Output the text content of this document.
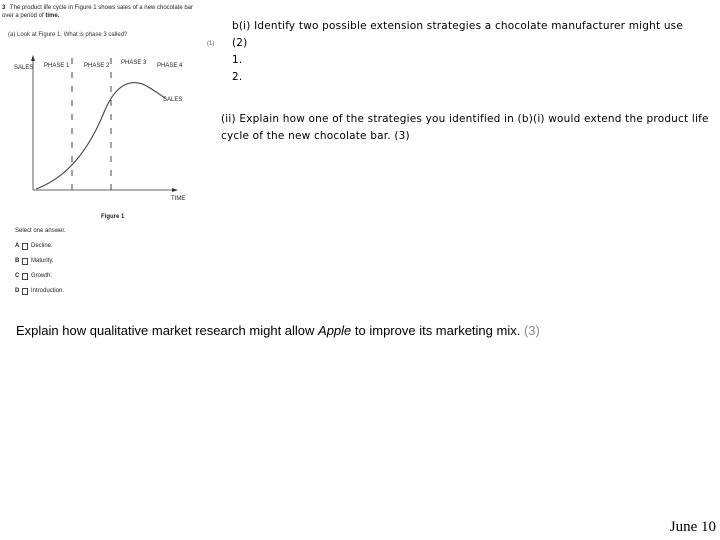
3 The product life cycle in Figure 1 shows sales of a new chocolate bar over a period of time.
(a) Look at Figure 1. What is phase 3 called?
(1)
SALES PHASE 1 PHASE 2 PHASE 3 PHASE 4
SALES
TIME
Figure 1
Select one answer.
A Decline.
B Maturity.
C Growth.
D Introduction.
b(i) Identify two possible extension strategies a chocolate manufacturer might use
(2)
1.
2.
(ii) Explain how one of the strategies you identified in (b)(i) would extend the product life cycle of the new chocolate bar. (3)
Explain how qualitative market research might allow Apple to improve its marketing mix. (3)
June 10
